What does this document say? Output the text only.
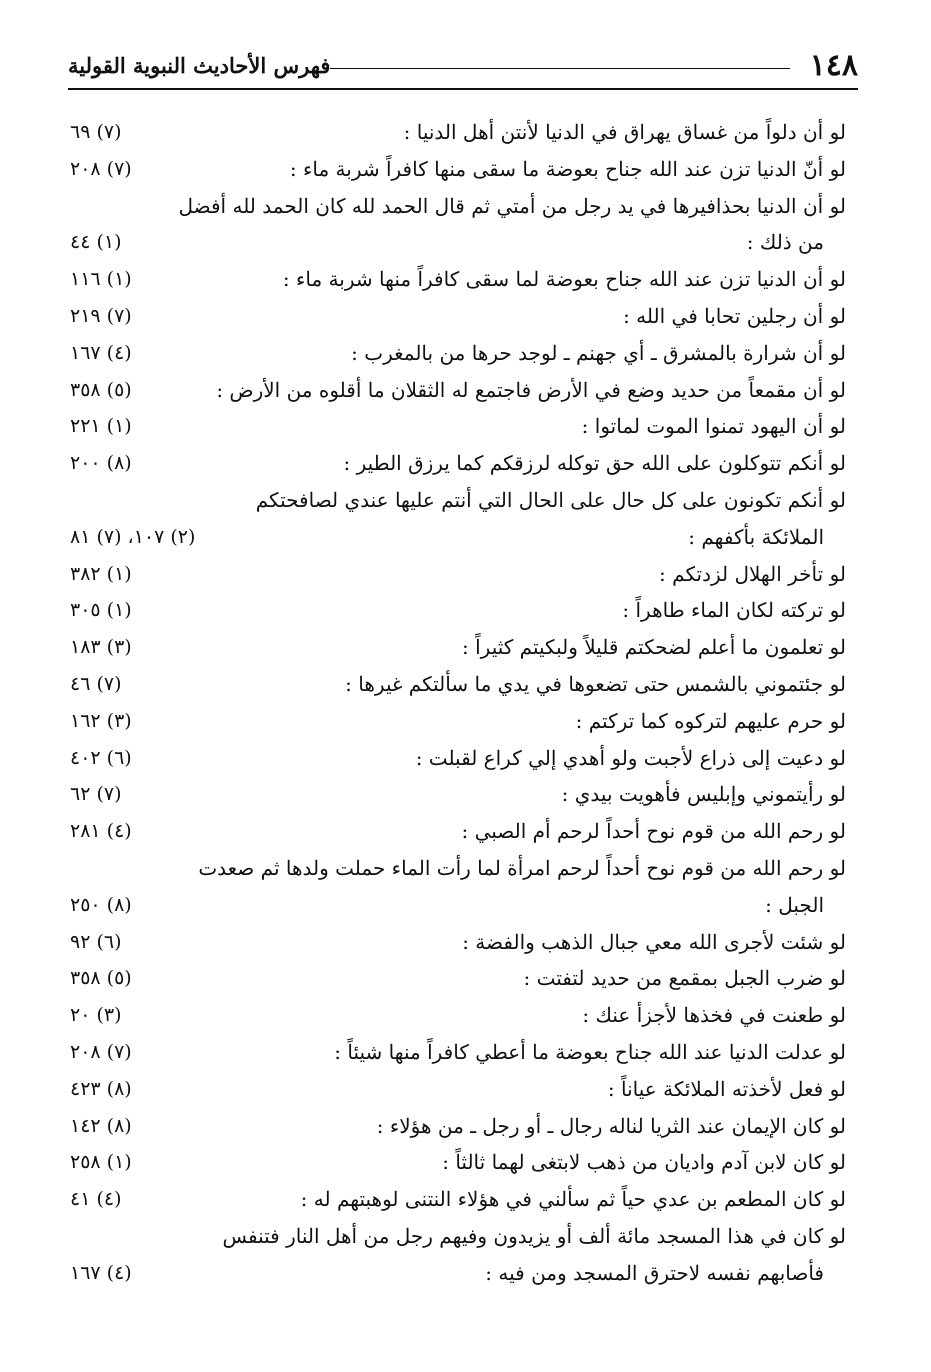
١٤٨
فهرس الأحاديث النبوية القولية
لو أن دلواً من غساق يهراق في الدنيا لأنتن أهل الدنيا :
(٧) ٦٩
لو أنّ الدنيا تزن عند الله جناح بعوضة ما سقى منها كافراً شربة ماء :
(٧) ٢٠٨
لو أن الدنيا بحذافيرها في يد رجل من أمتي ثم قال الحمد لله كان الحمد لله أفضل
من ذلك :
(١) ٤٤
لو أن الدنيا تزن عند الله جناح بعوضة لما سقى كافراً منها شربة ماء :
(١) ١١٦
لو أن رجلين تحابا في الله :
(٧) ٢١٩
لو أن شرارة بالمشرق ـ أي جهنم ـ لوجد حرها من بالمغرب :
(٤) ١٦٧
لو أن مقمعاً من حديد وضع في الأرض فاجتمع له الثقلان ما أقلوه من الأرض :
(٥) ٣٥٨
لو أن اليهود تمنوا الموت لماتوا :
(١) ٢٢١
لو أنكم تتوكلون على الله حق توكله لرزقكم كما يرزق الطير :
(٨) ٢٠٠
لو أنكم تكونون على كل حال على الحال التي أنتم عليها عندي لصافحتكم
الملائكة بأكفهم :
(٢) ١٠٧، (٧) ٨١
لو تأخر الهلال لزدتكم :
(١) ٣٨٢
لو تركته لكان الماء طاهراً :
(١) ٣٠٥
لو تعلمون ما أعلم لضحكتم قليلاً ولبكيتم كثيراً :
(٣) ١٨٣
لو جئتموني بالشمس حتى تضعوها في يدي ما سألتكم غيرها :
(٧) ٤٦
لو حرم عليهم لتركوه كما تركتم :
(٣) ١٦٢
لو دعيت إلى ذراع لأجبت ولو أهدي إلي كراع لقبلت :
(٦) ٤٠٢
لو رأيتموني وإبليس فأهويت بيدي :
(٧) ٦٢
لو رحم الله من قوم نوح أحداً لرحم أم الصبي :
(٤) ٢٨١
لو رحم الله من قوم نوح أحداً لرحم امرأة لما رأت الماء حملت ولدها ثم صعدت
الجبل :
(٨) ٢٥٠
لو شئت لأجرى الله معي جبال الذهب والفضة :
(٦) ٩٢
لو ضرب الجبل بمقمع من حديد لتفتت :
(٥) ٣٥٨
لو طعنت في فخذها لأجزأ عنك :
(٣) ٢٠
لو عدلت الدنيا عند الله جناح بعوضة ما أعطي كافراً منها شيئاً :
(٧) ٢٠٨
لو فعل لأخذته الملائكة عياناً :
(٨) ٤٢٣
لو كان الإيمان عند الثريا لناله رجال ـ أو رجل ـ من هؤلاء :
(٨) ١٤٢
لو كان لابن آدم واديان من ذهب لابتغى لهما ثالثاً :
(١) ٢٥٨
لو كان المطعم بن عدي حياً ثم سألني في هؤلاء النتنى لوهبتهم له :
(٤) ٤١
لو كان في هذا المسجد مائة ألف أو يزيدون وفيهم رجل من أهل النار فتنفس
فأصابهم نفسه لاحترق المسجد ومن فيه :
(٤) ١٦٧
